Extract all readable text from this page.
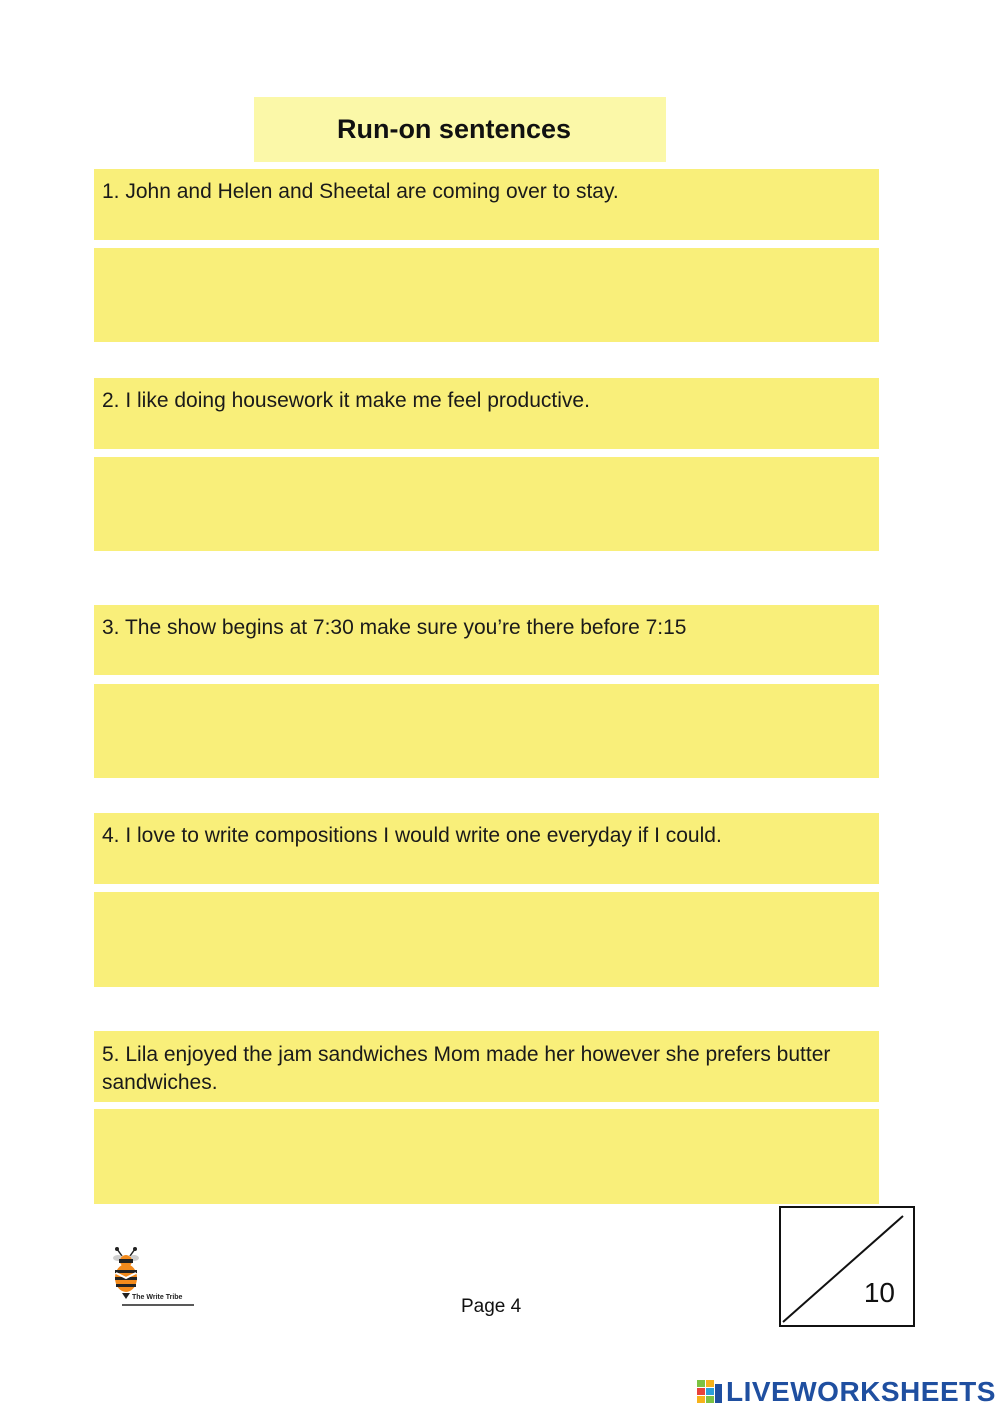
Run-on sentences
1. John and Helen and Sheetal are coming over to stay.
2. I like doing housework it make me feel productive.
3. The show begins at 7:30 make sure you’re there before 7:15
4. I love to write compositions I would write one everyday if I could.
5. Lila enjoyed the jam sandwiches Mom made her however she prefers butter sandwiches.
10
Page 4
The Write Tribe
LIVEWORKSHEETS
